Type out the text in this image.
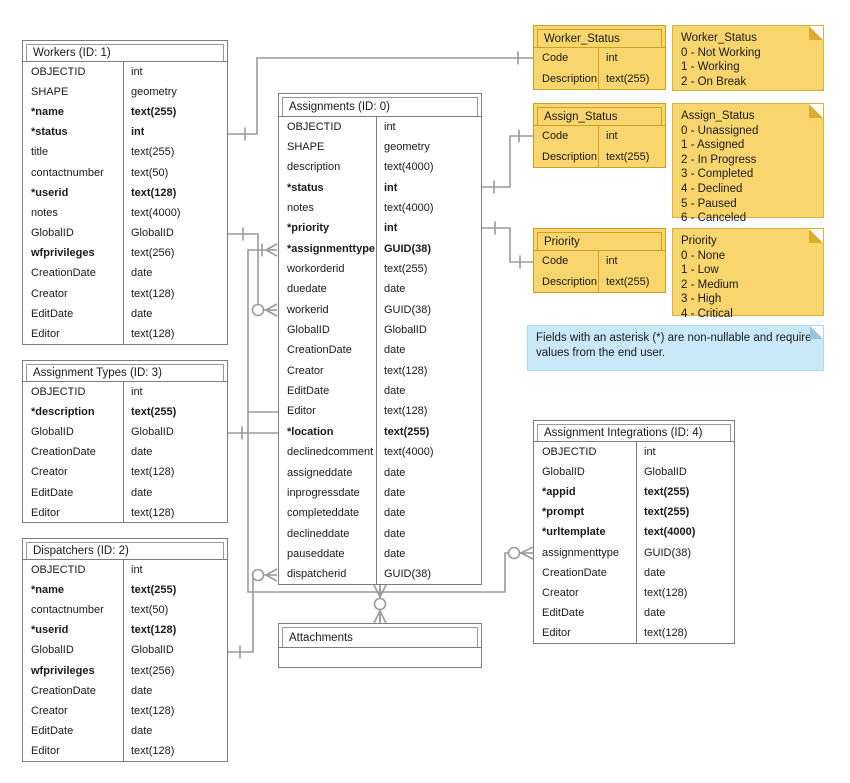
Workers (ID: 1)
OBJECTID	int
SHAPE	geometry
*name	text(255)
*status	int
title	text(255)
contactnumber	text(50)
*userid	text(128)
notes	text(4000)
GlobalID	GlobalID
wfprivileges	text(256)
CreationDate	date
Creator	text(128)
EditDate	date
Editor	text(128)
Assignment Types (ID: 3)
OBJECTID	int
*description	text(255)
GlobalID	GlobalID
CreationDate	date
Creator	text(128)
EditDate	date
Editor	text(128)
Dispatchers (ID: 2)
OBJECTID	int
*name	text(255)
contactnumber	text(50)
*userid	text(128)
GlobalID	GlobalID
wfprivileges	text(256)
CreationDate	date
Creator	text(128)
EditDate	date
Editor	text(128)
Assignments (ID: 0)
OBJECTID	int
SHAPE	geometry
description	text(4000)
*status	int
notes	text(4000)
*priority	int
*assignmenttype GUID(38)
workorderid	text(255)
duedate	date
workerid	GUID(38)
GlobalID	GlobalID
CreationDate	date
Creator	text(128)
EditDate	date
Editor	text(128)
*location	text(255)
declinedcomment text(4000)
assigneddate	date
inprogressdate	date
completeddate	date
declineddate	date
pauseddate	date
dispatcherid	GUID(38)
Assignment Integrations (ID: 4)
OBJECTID	int
GlobalID	GlobalID
*appid	text(255)
*prompt	text(255)
*urltemplate	text(4000)
assignmenttype	GUID(38)
CreationDate	date
Creator	text(128)
EditDate	date
Editor	text(128)
Attachments
Worker_Status
Code	int
Description text(255)
Assign_Status
Code	int
Description text(255)
Priority
Code	int
Description text(255)
Worker_Status
0 - Not Working
1 - Working
2 - On Break
Assign_Status
0 - Unassigned
1 - Assigned
2 - In Progress
3 - Completed
4 - Declined
5 - Paused
6 - Canceled
Priority
0 - None
1 - Low
2 - Medium
3 - High
4 - Critical
Fields with an asterisk (*) are non-nullable and require values from the end user.
